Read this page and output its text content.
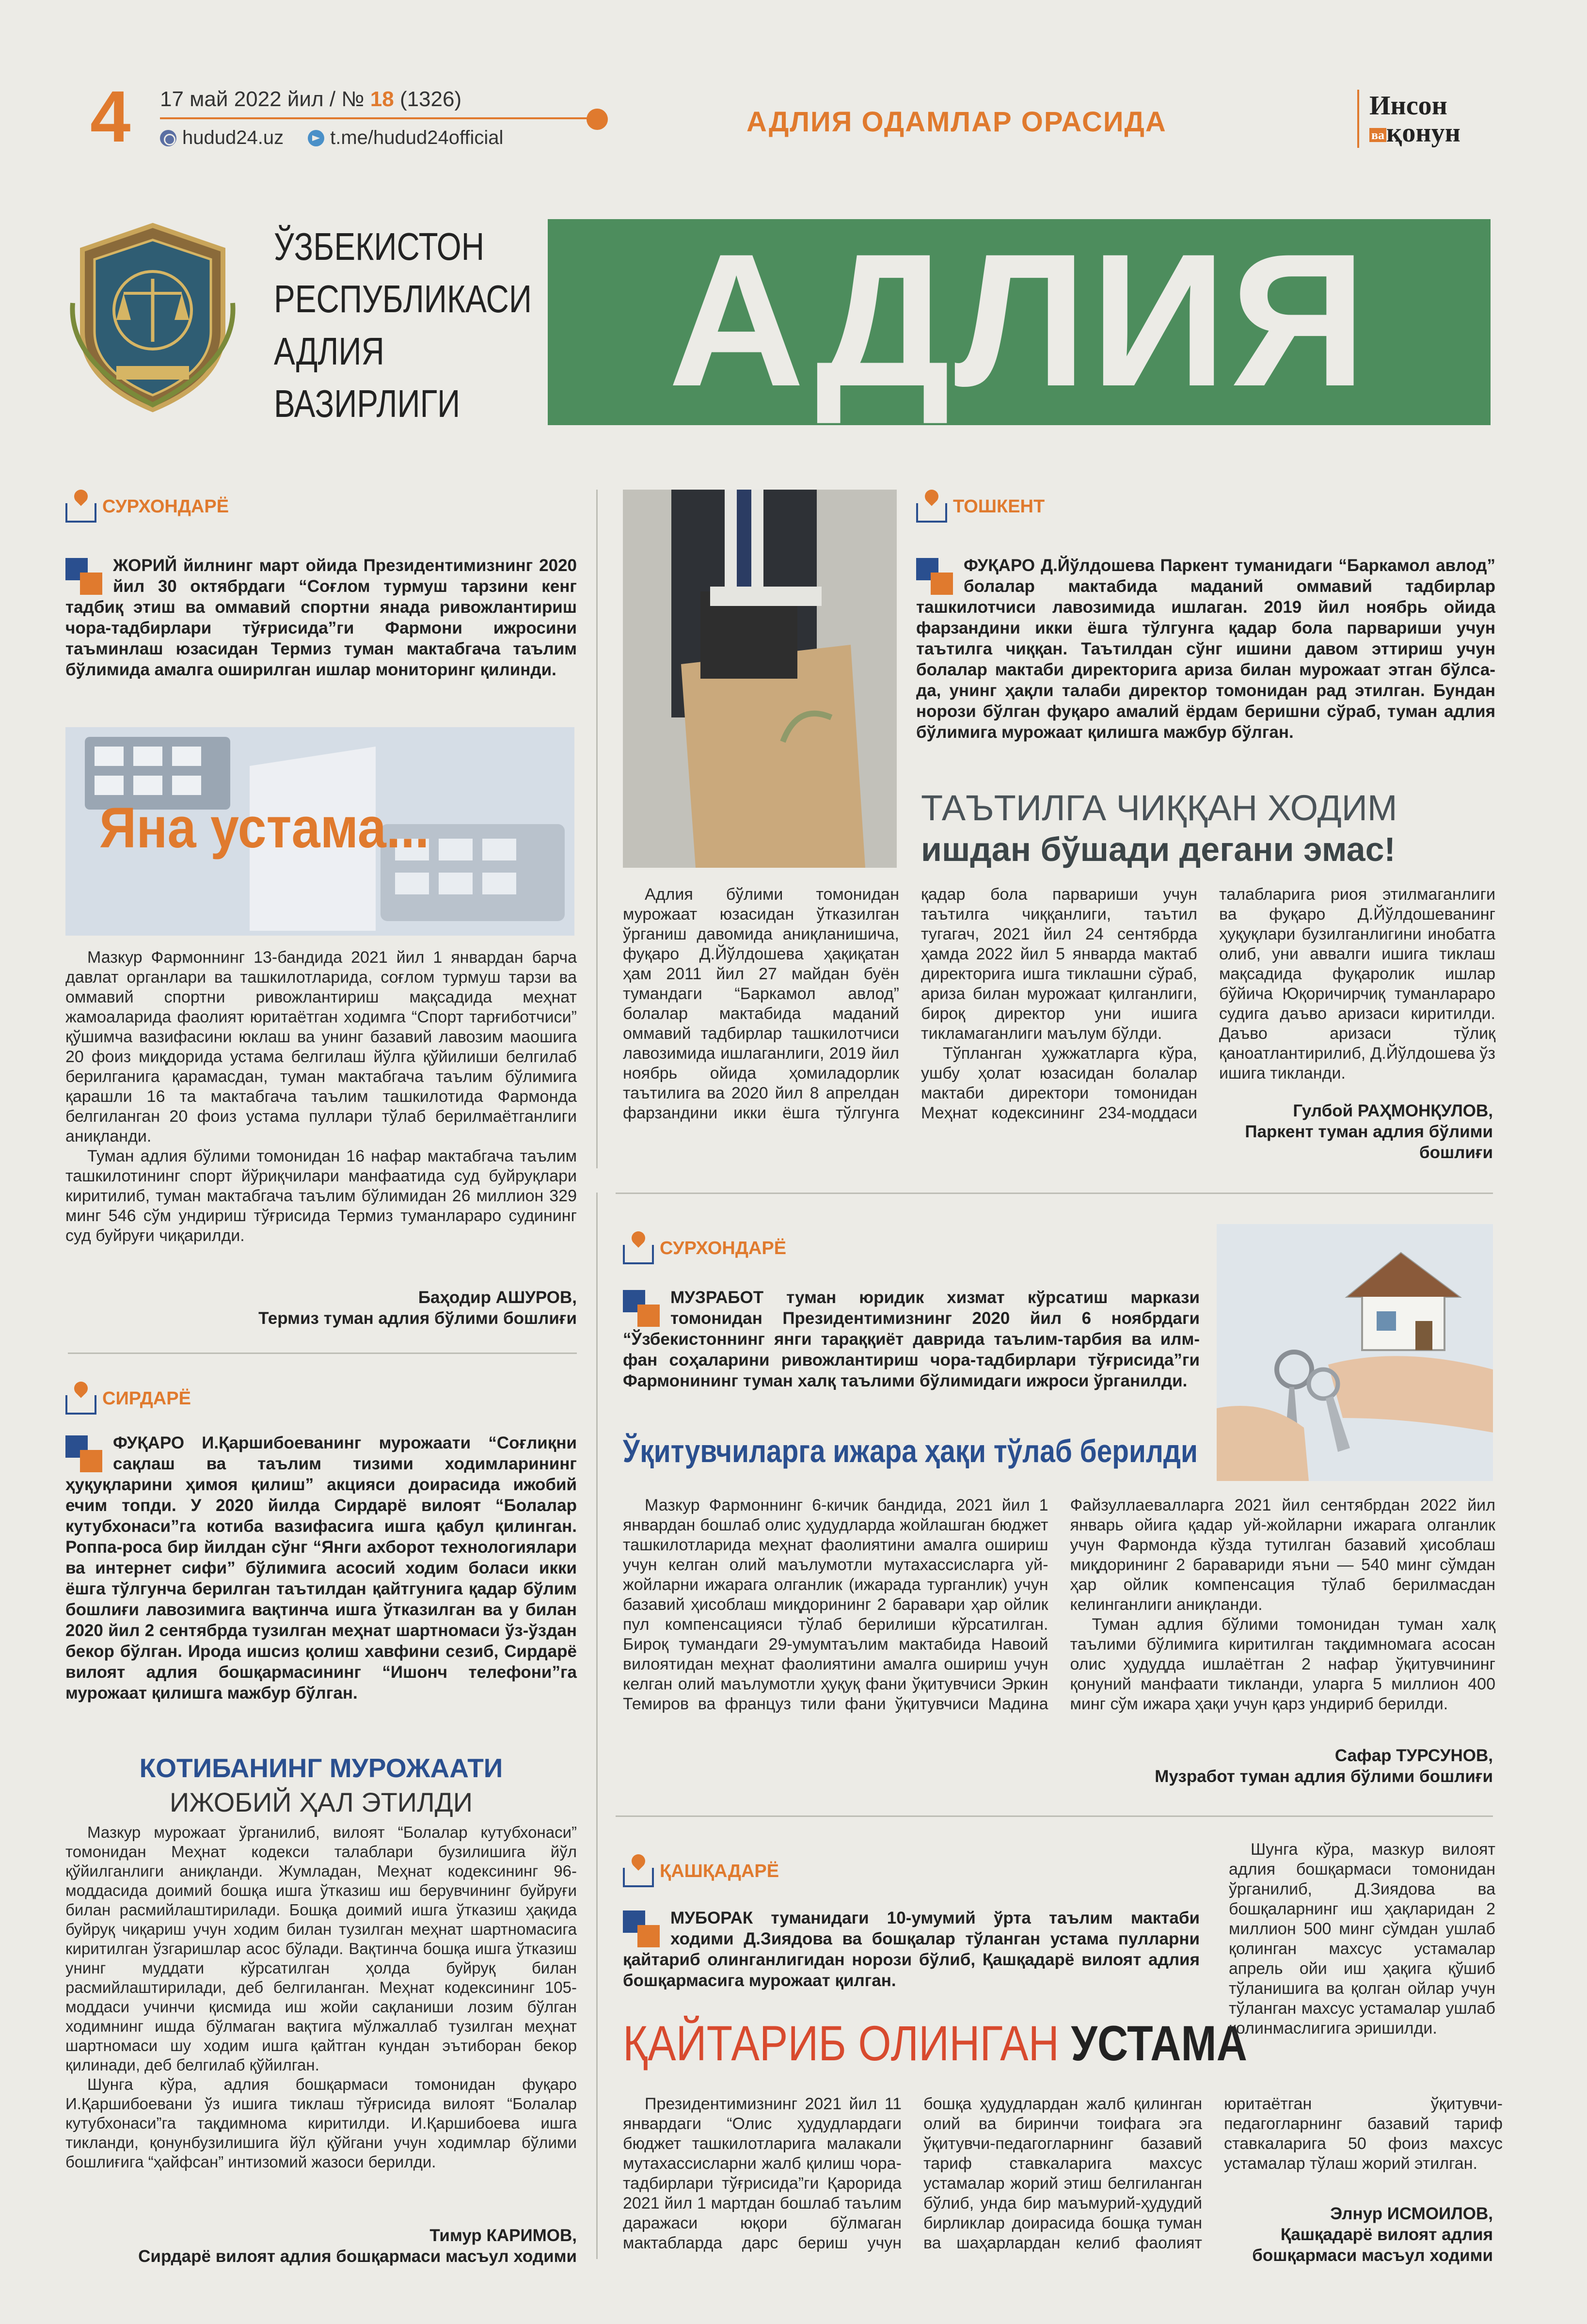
4 17 май 2022 йил / № 18 (1326)
hudud24.uz t.me/hudud24official	АДЛИЯ ОДАМЛАР ОРАСИДА
Инсон
вақонун
ЎЗБЕКИСТОН
РЕСПУБЛИКАСИ
АДЛИЯ
ВАЗИРЛИГИ	АДЛИЯ
СУРХОНДАРЁ
ЖОРИЙ йилнинг март ойида Президентимизнинг 2020 йил 30 октябрдаги “Соғлом турмуш тарзини кенг тадбиқ этиш ва оммавий спортни янада ривожлантириш чора-тадбирлари тўғрисида”ги Фармони ижросини таъминлаш юзасидан Термиз туман мактабгача таълим бўлимида амалга оширилган ишлар мониторинг қилинди.
Яна устама...

Мазкур Фармоннинг 13-бандида 2021 йил 1 январдан барча давлат органлари ва ташкилотларида, соғлом турмуш тарзи ва оммавий спортни ривожлантириш мақсадида меҳнат жамоаларида фаолият юритаётган ходимга “Спорт тарғиботчиси” қўшимча вазифасини юклаш ва унинг базавий лавозим маошига 20 фоиз миқдорида устама белгилаш йўлга қўйилиши белгилаб берилганига қарамасдан, туман мактабгача таълим бўлимига қарашли 16 та мактабгача таълим ташкилотида Фармонда белгиланган 20 фоиз устама пуллари тўлаб берилмаётганлиги аниқланди.

Туман адлия бўлими томонидан 16 нафар мактабгача таълим ташкилотининг спорт йўриқчилари манфаатида суд буйруқлари киритилиб, туман мактабгача таълим бўлимидан 26 миллион 329 минг 546 сўм ундириш тўғрисида Термиз туманлараро судининг суд буйруғи чиқарилди.

Баҳодир АШУРОВ,
Термиз туман адлия бўлими бошлиғи
ТОШКЕНТ
ФУҚАРО Д.Йўлдошева Паркент туманидаги “Баркамол авлод” болалар мактабида маданий оммавий тадбирлар ташкилотчиси лавозимида ишлаган. 2019 йил ноябрь ойида фарзандини икки ёшга тўлгунга қадар бола парвариши учун таътилга чиққан. Таътилдан сўнг ишини давом эттириш учун болалар мактаби директорига ариза билан мурожаат этган бўлса-да, унинг ҳақли талаби директор томонидан рад этилган. Бундан норози бўлган фуқаро амалий ёрдам беришни сўраб, туман адлия бўлимига мурожаат қилишга мажбур бўлган.
ТАЪТИЛГА ЧИҚҚАН ХОДИМ
ишдан бўшади дегани эмас!

Адлия бўлими томонидан мурожаат юзасидан ўтказилган ўрганиш давомида аниқланишича, фуқаро Д.Йўлдошева ҳақиқатан ҳам 2011 йил 27 майдан буён тумандаги “Баркамол авлод” болалар мактабида маданий оммавий тадбирлар ташкилотчиси лавозимида ишлаганлиги, 2019 йил ноябрь ойида ҳомиладорлик таътилига ва 2020 йил 8 апрелдан фарзандини икки ёшга тўлгунга қадар бола парвариши учун таътилга чиққанлиги, таътил тугагач, 2021 йил 24 сентябрда ҳамда 2022 йил 5 январда мактаб директорига ишга тиклашни сўраб, ариза билан мурожаат қилганлиги, бироқ директор уни ишига тикламаганлиги маълум бўлди.

Тўпланган ҳужжатларга кўра, ушбу ҳолат юзасидан болалар мактаби директори томонидан Меҳнат кодексининг 234-моддаси талабларига риоя этилмаганлиги ва фуқаро Д.Йўлдошеванинг ҳуқуқлари бузилганлигини инобатга олиб, уни аввалги ишига тиклаш мақсадида фуқаролик ишлар бўйича Юқоричирчиқ туманлараро судига даъво аризаси киритилди. Даъво аризаси тўлиқ қаноатлантирилиб, Д.Йўлдошева ўз ишига тикланди.

Гулбой РАҲМОНҚУЛОВ,
Паркент туман адлия бўлими
бошлиғи
СИРДАРЁ
ФУҚАРО И.Қаршибоеванинг мурожаати “Соғлиқни сақлаш ва таълим тизими ходимларининг ҳуқуқларини ҳимоя қилиш” акцияси доирасида ижобий ечим топди. У 2020 йилда Сирдарё вилоят “Болалар кутубхонаси”га котиба вазифасига ишга қабул қилинган. Роппа-роса бир йилдан сўнг “Янги ахборот технологиялари ва интернет сифи” бўлимига асосий ходим боласи икки ёшга тўлгунча берилган таътилдан қайтгунига қадар бўлим бошлиғи лавозимига вақтинча ишга ўтказилган ва у билан 2020 йил 2 сентябрда тузилган меҳнат шартномаси ўз-ўздан бекор бўлган. Ирода ишсиз қолиш хавфини сезиб, Сирдарё вилоят адлия бошқармасининг “Ишонч телефони”га мурожаат қилишга мажбур бўлган.
КОТИБАНИНГ МУРОЖААТИ
ИЖОБИЙ ҲАЛ ЭТИЛДИ

Мазкур мурожаат ўрганилиб, вилоят “Болалар кутубхонаси” томонидан Меҳнат кодекси талаблари бузилишига йўл қўйилганлиги аниқланди. Жумладан, Меҳнат кодексининг 96-моддасида доимий бошқа ишга ўтказиш иш берувчининг буйруғи билан расмийлаштирилади. Бошқа доимий ишга ўтказиш ҳақида буйруқ чиқариш учун ходим билан тузилган меҳнат шартномасига киритилган ўзгаришлар асос бўлади. Вақтинча бошқа ишга ўтказиш унинг муддати кўрсатилган ҳолда буйруқ билан расмийлаштирилади, деб белгиланган. Меҳнат кодексининг 105-моддаси учинчи қисмида иш жойи сақланиши лозим бўлган ходимнинг ишда бўлмаган вақтига мўлжаллаб тузилган меҳнат шартномаси шу ходим ишга қайтган кундан эътиборан бекор қилинади, деб белгилаб қўйилган.

Шунга кўра, адлия бошқармаси томонидан фуқаро И.Қаршибоевани ўз ишига тиклаш тўғрисида вилоят “Болалар кутубхонаси”га тақдимнома киритилди. И.Қаршибоева ишга тикланди, қонунбузилишига йўл қўйгани учун ходимлар бўлими бошлиғига “ҳайфсан” интизомий жазоси берилди.

Тимур КАРИМОВ,
Сирдарё вилоят адлия бошқармаси масъул ходими
СУРХОНДАРЁ
МУЗРАБОТ туман юридик хизмат кўрсатиш маркази томонидан Президентимизнинг 2020 йил 6 ноябрдаги “Ўзбекистоннинг янги тараққиёт даврида таълим-тарбия ва илм-фан соҳаларини ривожлантириш чора-тадбирлари тўғрисида”ги Фармонининг туман халқ таълими бўлимидаги ижроси ўрганилди.
Ўқитувчиларга ижара ҳақи тўлаб берилди

Мазкур Фармоннинг 6-кичик бандида, 2021 йил 1 январдан бошлаб олис ҳудудларда жойлашган бюджет ташкилотларида меҳнат фаолиятини амалга ошириш учун келган олий маълумотли мутахассисларга уй-жойларни ижарага олганлик (ижарада турганлик) учун базавий ҳисоблаш миқдорининг 2 баравари ҳар ойлик пул компенсацияси тўлаб берилиши кўрсатилган. Бироқ тумандаги 29-умумтаълим мактабида Навоий вилоятидан меҳнат фаолиятини амалга ошириш учун келган олий маълумотли ҳуқуқ фани ўқитувчиси Эркин Темиров ва француз тили фани ўқитувчиси Мадина Файзуллаевалларга 2021 йил сентябрдан 2022 йил январь ойига қадар уй-жойларни ижарага олганлик учун Фармонда кўзда тутилган базавий ҳисоблаш миқдорининг 2 баравариди яъни — 540 минг сўмдан ҳар ойлик компенсация тўлаб берилмасдан келинганлиги аниқланди.

Туман адлия бўлими томонидан туман халқ таълими бўлимига киритилган тақдимномага асосан олис ҳудудда ишлаётган 2 нафар ўқитувчининг қонуний манфаати тикланди, уларга 5 миллион 400 минг сўм ижара ҳақи учун қарз ундириб берилди.

Сафар ТУРСУНОВ,
Музработ туман адлия бўлими бошлиғи
ҚАШҚАДАРЁ
МУБОРАК туманидаги 10-умумий ўрта таълим мактаби ходими Д.Зиядова ва бошқалар тўланган устама пулларни қайтариб олинганлигидан норози бўлиб, Қашқадарё вилоят адлия бошқармасига мурожаат қилган.
ҚАЙТАРИБ ОЛИНГАН УСТАМА

Президентимизнинг 2021 йил 11 январдаги “Олис ҳудудлардаги бюджет ташкилотларига малакали мутахассисларни жалб қилиш чора-тадбирлари тўғрисида”ги Қарорида 2021 йил 1 мартдан бошлаб таълим даражаси юқори бўлмаган мактабларда дарс бериш учун бошқа ҳудудлардан жалб қилинган олий ва биринчи тоифага эга ўқитувчи-педагогларнинг базавий тариф ставкаларига махсус устамалар жорий этиш белгиланган бўлиб, унда бир маъмурий-ҳудудий бирликлар доирасида бошқа туман ва шаҳарлардан келиб фаолият юритаётган ўқитувчи-педагогларнинг базавий тариф ставкаларига 50 фоиз махсус устамалар тўлаш жорий этилган.

Шунга кўра, мазкур вилоят адлия бошқармаси томонидан ўрганилиб, Д.Зиядова ва бошқаларнинг иш ҳақларидан 2 миллион 500 минг сўмдан ушлаб қолинган махсус устамалар апрель ойи иш ҳақига қўшиб тўланишига ва қолган ойлар учун тўланган махсус устамалар ушлаб қолинмаслигига эришилди.

Элнур ИСМОИЛОВ,
Қашқадарё вилоят адлия
бошқармаси масъул ходими
